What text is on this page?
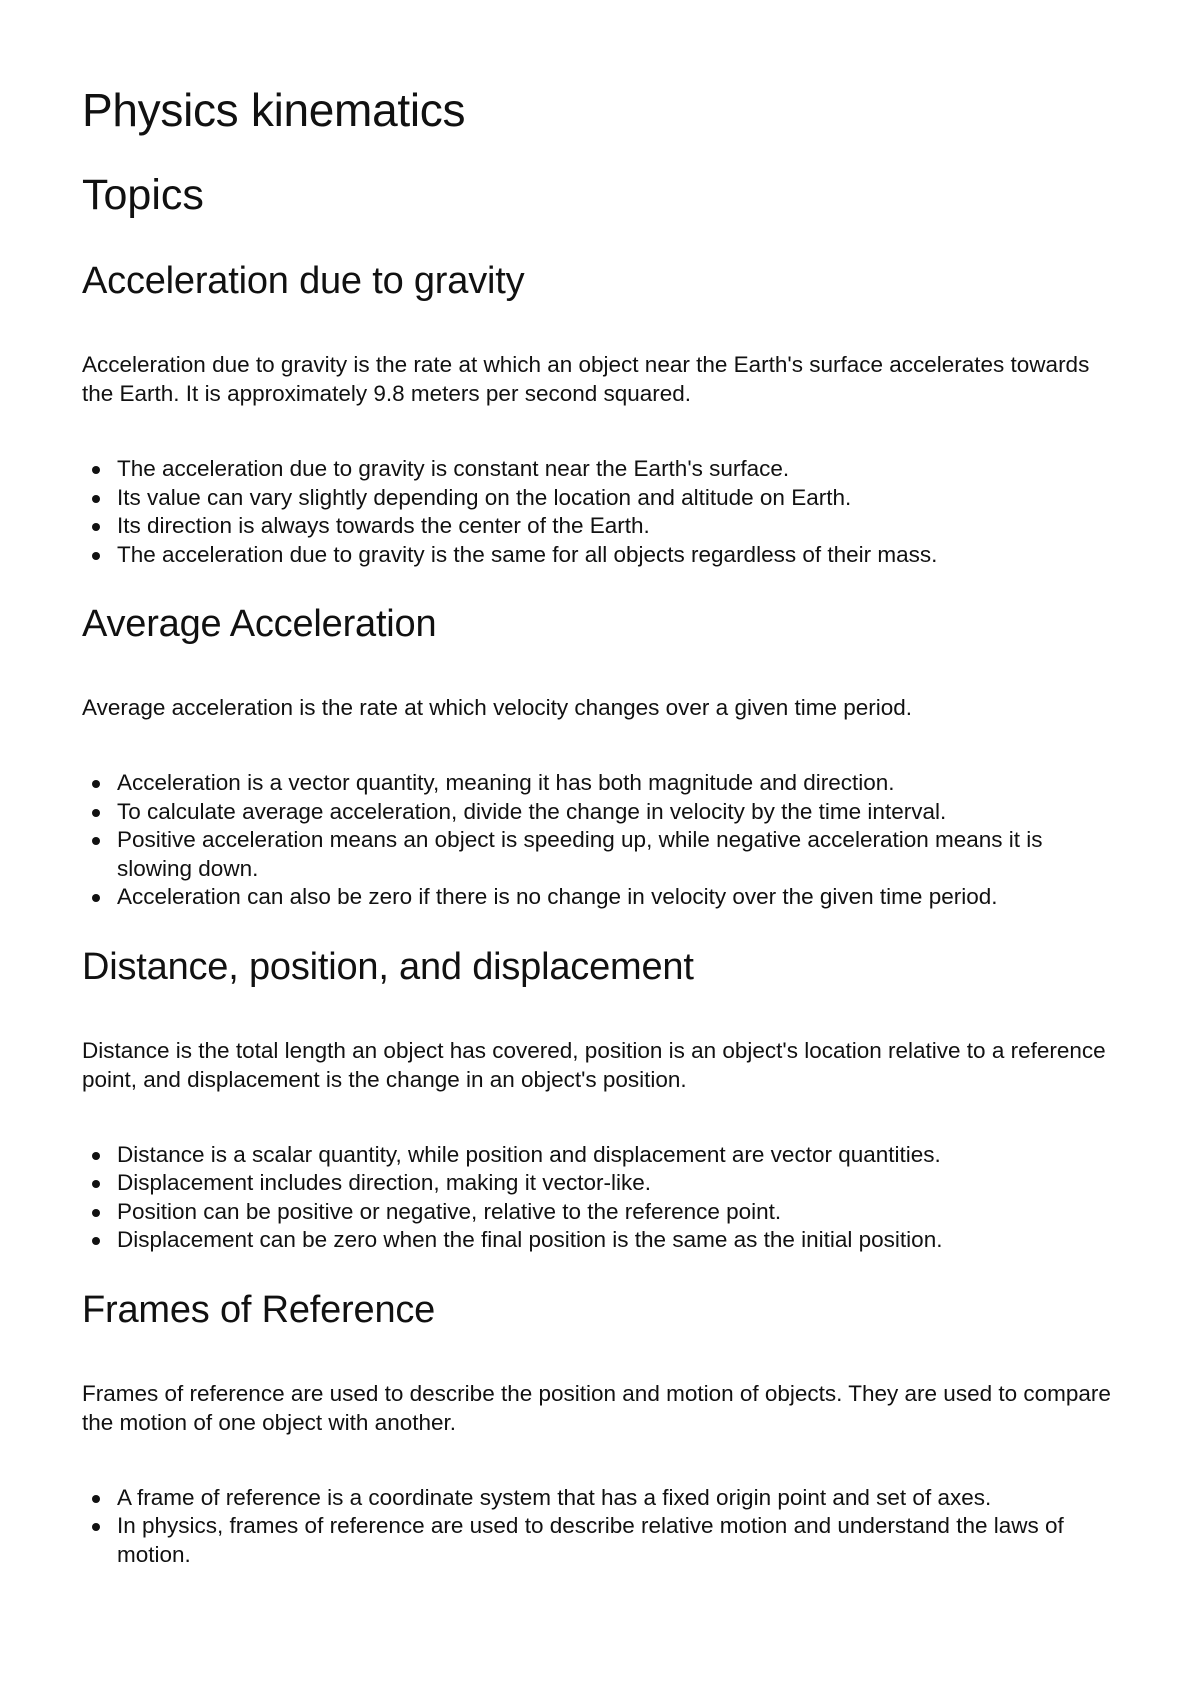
Physics kinematics
Topics
Acceleration due to gravity

Acceleration due to gravity is the rate at which an object near the Earth's surface accelerates towards the Earth. It is approximately 9.8 meters per second squared.

The acceleration due to gravity is constant near the Earth's surface.
Its value can vary slightly depending on the location and altitude on Earth.
Its direction is always towards the center of the Earth.
The acceleration due to gravity is the same for all objects regardless of their mass.
Average Acceleration

Average acceleration is the rate at which velocity changes over a given time period.

Acceleration is a vector quantity, meaning it has both magnitude and direction.
To calculate average acceleration, divide the change in velocity by the time interval.
Positive acceleration means an object is speeding up, while negative acceleration means it is slowing down.
Acceleration can also be zero if there is no change in velocity over the given time period.
Distance, position, and displacement

Distance is the total length an object has covered, position is an object's location relative to a reference point, and displacement is the change in an object's position.

Distance is a scalar quantity, while position and displacement are vector quantities.
Displacement includes direction, making it vector-like.
Position can be positive or negative, relative to the reference point.
Displacement can be zero when the final position is the same as the initial position.
Frames of Reference

Frames of reference are used to describe the position and motion of objects. They are used to compare the motion of one object with another.

A frame of reference is a coordinate system that has a fixed origin point and set of axes.
In physics, frames of reference are used to describe relative motion and understand the laws of motion.
